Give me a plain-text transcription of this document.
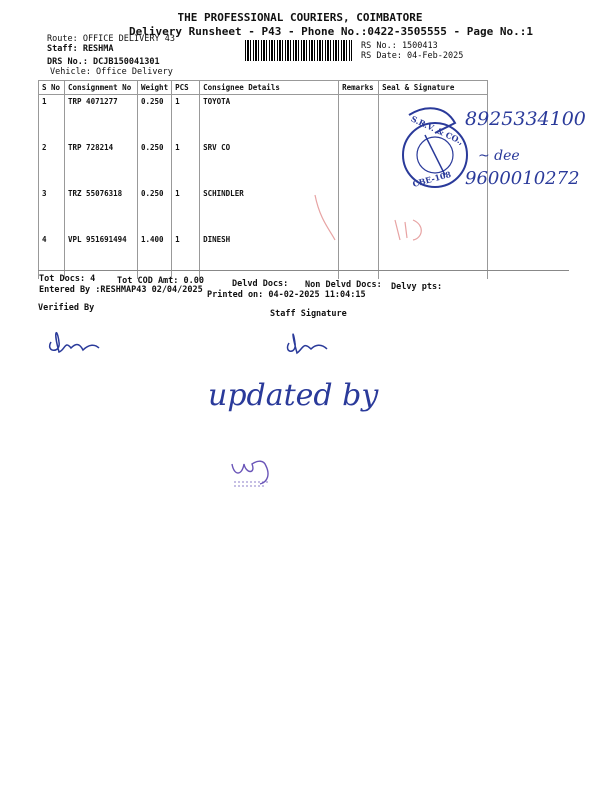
THE PROFESSIONAL COURIERS, COIMBATORE
Delivery Runsheet - P43 - Phone No.:0422-3505555 - Page No.:1
Route: OFFICE DELIVERY 43
Staff: RESHMA
DRS No.: DCJB150041301
Vehicle: Office Delivery
RS No.: 1500413
RS Date: 04-Feb-2025
S No	Consignment No	Weight	PCS	Consignee Details	Remarks	Seal & Signature
1	TRP 4071277	0.250	1	TOYOTA		
2	TRP 728214	0.250	1	SRV CO		
3	TRZ 55076318	0.250	1	SCHINDLER		
4	VPL 951691494	1.400	1	DINESH		
Tot Docs: 4	Tot COD Amt: 0.00	Delvd Docs: Non Delvd Docs: Delvy pts:
Entered By :RESHMAP43 02/04/2025 Printed on: 04-02-2025 11:04:15
Verified By
Staff Signature
8925334100
~ dee
9600010272
S.R.V. & CO.,
CBE-108
updated by
